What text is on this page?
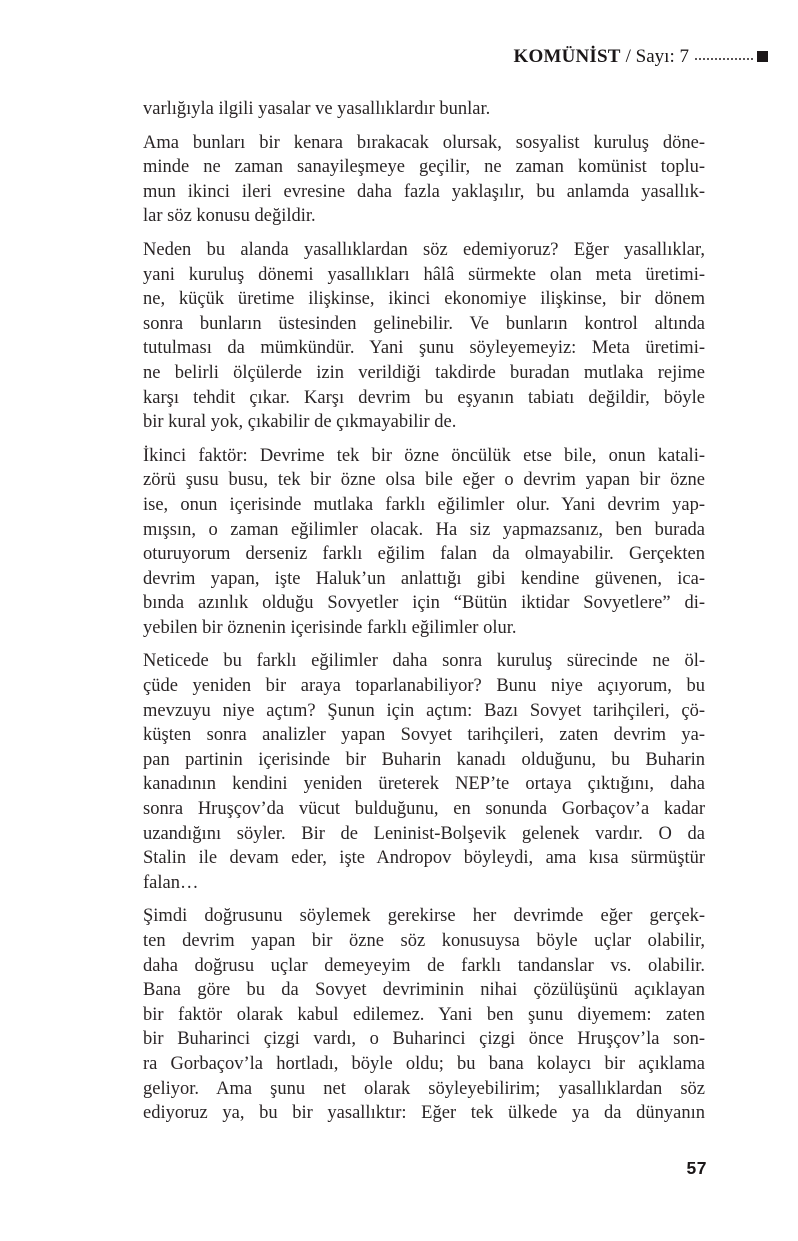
KOMÜNİST / Sayı: 7
varlığıyla ilgili yasalar ve yasallıklardır bunlar.
Ama bunları bir kenara bırakacak olursak, sosyalist kuruluş döne-
minde ne zaman sanayileşmeye geçilir, ne zaman komünist toplu-
mun ikinci ileri evresine daha fazla yaklaşılır, bu anlamda yasallık-
lar söz konusu değildir.
Neden bu alanda yasallıklardan söz edemiyoruz? Eğer yasallıklar,
yani kuruluş dönemi yasallıkları hâlâ sürmekte olan meta üretimi-
ne, küçük üretime ilişkinse, ikinci ekonomiye ilişkinse, bir dönem
sonra bunların üstesinden gelinebilir. Ve bunların kontrol altında
tutulması da mümkündür. Yani şunu söyleyemeyiz: Meta üretimi-
ne belirli ölçülerde izin verildiği takdirde buradan mutlaka rejime
karşı tehdit çıkar. Karşı devrim bu eşyanın tabiatı değildir, böyle
bir kural yok, çıkabilir de çıkmayabilir de.
İkinci faktör: Devrime tek bir özne öncülük etse bile, onun katali-
zörü şusu busu, tek bir özne olsa bile eğer o devrim yapan bir özne
ise, onun içerisinde mutlaka farklı eğilimler olur. Yani devrim yap-
mışsın, o zaman eğilimler olacak. Ha siz yapmazsanız, ben burada
oturuyorum derseniz farklı eğilim falan da olmayabilir. Gerçekten
devrim yapan, işte Haluk’un anlattığı gibi kendine güvenen, ica-
bında azınlık olduğu Sovyetler için “Bütün iktidar Sovyetlere” di-
yebilen bir öznenin içerisinde farklı eğilimler olur.
Neticede bu farklı eğilimler daha sonra kuruluş sürecinde ne öl-
çüde yeniden bir araya toparlanabiliyor? Bunu niye açıyorum, bu
mevzuyu niye açtım? Şunun için açtım: Bazı Sovyet tarihçileri, çö-
küşten sonra analizler yapan Sovyet tarihçileri, zaten devrim ya-
pan partinin içerisinde bir Buharin kanadı olduğunu, bu Buharin
kanadının kendini yeniden üreterek NEP’te ortaya çıktığını, daha
sonra Hruşçov’da vücut bulduğunu, en sonunda Gorbaçov’a kadar
uzandığını söyler. Bir de Leninist-Bolşevik gelenek vardır. O da
Stalin ile devam eder, işte Andropov böyleydi, ama kısa sürmüştür
falan…
Şimdi doğrusunu söylemek gerekirse her devrimde eğer gerçek-
ten devrim yapan bir özne söz konusuysa böyle uçlar olabilir,
daha doğrusu uçlar demeyeyim de farklı tandanslar vs. olabilir.
Bana göre bu da Sovyet devriminin nihai çözülüşünü açıklayan
bir faktör olarak kabul edilemez. Yani ben şunu diyemem: zaten
bir Buharinci çizgi vardı, o Buharinci çizgi önce Hruşçov’la son-
ra Gorbaçov’la hortladı, böyle oldu; bu bana kolaycı bir açıklama
geliyor. Ama şunu net olarak söyleyebilirim; yasallıklardan söz
ediyoruz ya, bu bir yasallıktır: Eğer tek ülkede ya da dünyanın
57
